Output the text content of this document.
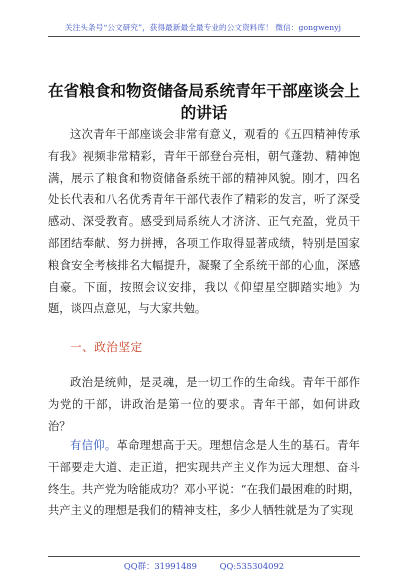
关注头条号“公文研究”，获得最新最全最专业的公文资料库！ 微信：gongwenyj
在省粮食和物资储备局系统青年干部座谈会上的讲话
这次青年干部座谈会非常有意义，观看的《五四精神传承有我》视频非常精彩，青年干部登台亮相，朝气蓬勃、精神饱满，展示了粮食和物资储备系统干部的精神风貌。刚才，四名处长代表和八名优秀青年干部代表作了精彩的发言，听了深受感动、深受教育。感受到局系统人才济济、正气充盈，党员干部团结奉献、努力拼搏，各项工作取得显著成绩，特别是国家粮食安全考核排名大幅提升，凝聚了全系统干部的心血，深感自豪。下面，按照会议安排，我以《仰望星空脚踏实地》为题，谈四点意见，与大家共勉。
一、政治坚定
政治是统帅，是灵魂，是一切工作的生命线。青年干部作为党的干部，讲政治是第一位的要求。青年干部，如何讲政治？
有信仰。革命理想高于天。理想信念是人生的基石。青年干部要走大道、走正道，把实现共产主义作为远大理想、奋斗终生。共产党为啥能成功？邓小平说：“在我们最困难的时期，共产主义的理想是我们的精神支柱，多少人牺牲就是为了实现
QQ群：31991489	QQ:535304092
